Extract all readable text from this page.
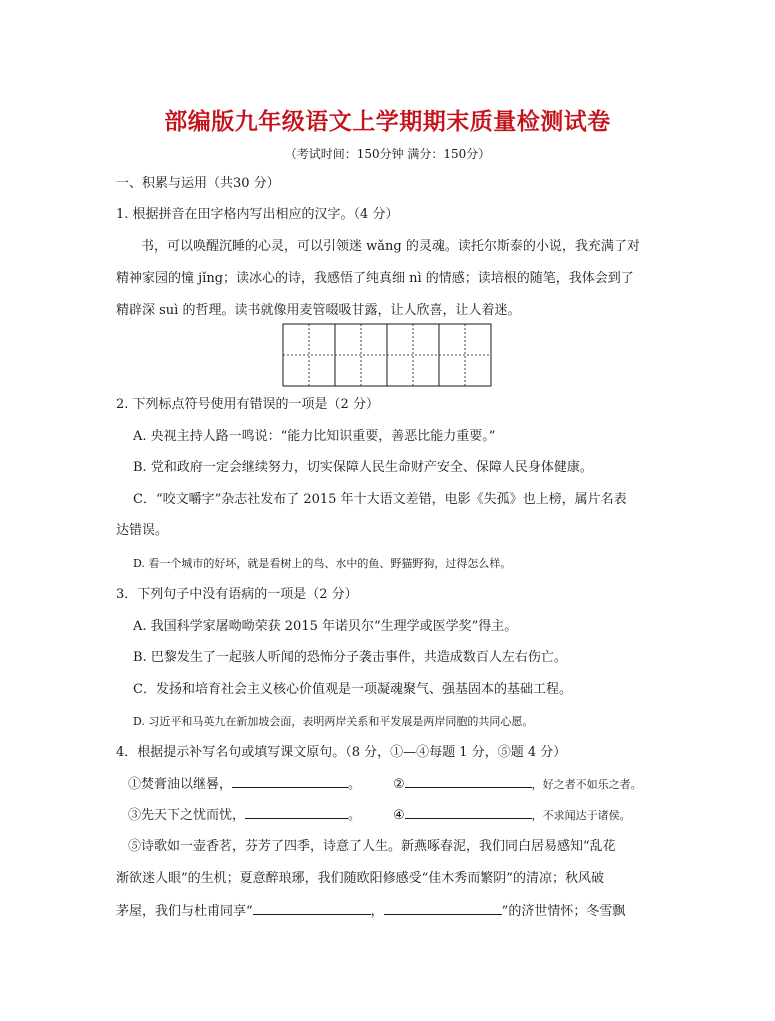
部编版九年级语文上学期期末质量检测试卷
（考试时间：150分钟 满分：150分）
一、积累与运用（共30 分）
1. 根据拼音在田字格内写出相应的汉字。（4 分）
书，可以唤醒沉睡的心灵，可以引领迷 wǎng 的灵魂。读托尔斯泰的小说，我充满了对
精神家园的憧 jǐng；读冰心的诗，我感悟了纯真细 nì 的情感；读培根的随笔，我体会到了
精辟深 suì 的哲理。读书就像用麦管啜吸甘露，让人欣喜，让人着迷。
2. 下列标点符号使用有错误的一项是（2 分）
A. 央视主持人路一鸣说：“能力比知识重要，善恶比能力重要。”
B. 党和政府一定会继续努力，切实保障人民生命财产安全、保障人民身体健康。
C．“咬文嚼字”杂志社发布了 2015 年十大语文差错，电影《失孤》也上榜，属片名表
达错误。
D. 看一个城市的好坏，就是看树上的鸟、水中的鱼、野猫野狗，过得怎么样。
3．下列句子中没有语病的一项是（2 分）
A. 我国科学家屠呦呦荣获 2015 年诺贝尔“生理学或医学奖”得主。
B. 巴黎发生了一起骇人听闻的恐怖分子袭击事件，共造成数百人左右伤亡。
C．发扬和培育社会主义核心价值观是一项凝魂聚气、强基固本的基础工程。
D. 习近平和马英九在新加坡会面，表明两岸关系和平发展是两岸同胞的共同心愿。
4．根据提示补写名句或填写课文原句。（8 分，①—④每题 1 分，⑤题 4 分）
①焚膏油以继晷，	。 ②	，好之者不如乐之者。
③先天下之忧而忧，	。 ④	，不求闻达于诸侯。
⑤诗歌如一壶香茗，芬芳了四季，诗意了人生。新燕啄春泥，我们同白居易感知“乱花
渐欲迷人眼”的生机；夏意醉琅琊，我们随欧阳修感受“佳木秀而繁阴”的清凉；秋风破
茅屋，我们与杜甫同享“	，	”的济世情怀；冬雪飘
